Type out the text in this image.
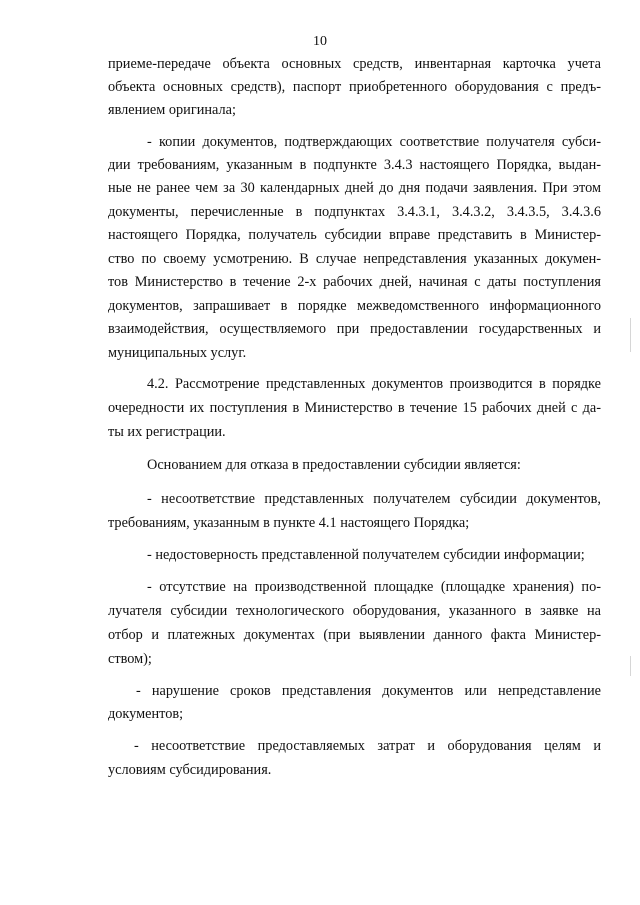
10
приеме-передаче объекта основных средств, инвентарная карточка учета
объекта основных средств), паспорт приобретенного оборудования с предъ-
явлением оригинала;
- копии документов, подтверждающих соответствие получателя субси-
дии требованиям, указанным в подпункте 3.4.3 настоящего Порядка, выдан-
ные не ранее чем за 30 календарных дней до дня подачи заявления. При этом
документы, перечисленные в подпунктах 3.4.3.1, 3.4.3.2, 3.4.3.5, 3.4.3.6
настоящего Порядка, получатель субсидии вправе представить в Министер-
ство по своему усмотрению. В случае непредставления указанных докумен-
тов Министерство в течение 2-х рабочих дней, начиная с даты поступления
документов, запрашивает в порядке межведомственного информационного
взаимодействия, осуществляемого при предоставлении государственных и
муниципальных услуг.
4.2. Рассмотрение представленных документов производится в порядке
очередности их поступления в Министерство в течение 15 рабочих дней с да-
ты их регистрации.
Основанием для отказа в предоставлении субсидии является:
- несоответствие представленных получателем субсидии документов,
требованиям, указанным в пункте 4.1 настоящего Порядка;
- недостоверность представленной получателем субсидии информации;
- отсутствие на производственной площадке (площадке хранения) по-
лучателя субсидии технологического оборудования, указанного в заявке на
отбор и платежных документах (при выявлении данного факта Министер-
ством);
- нарушение сроков представления документов или непредставление
документов;
- несоответствие предоставляемых затрат и оборудования целям и
условиям субсидирования.
